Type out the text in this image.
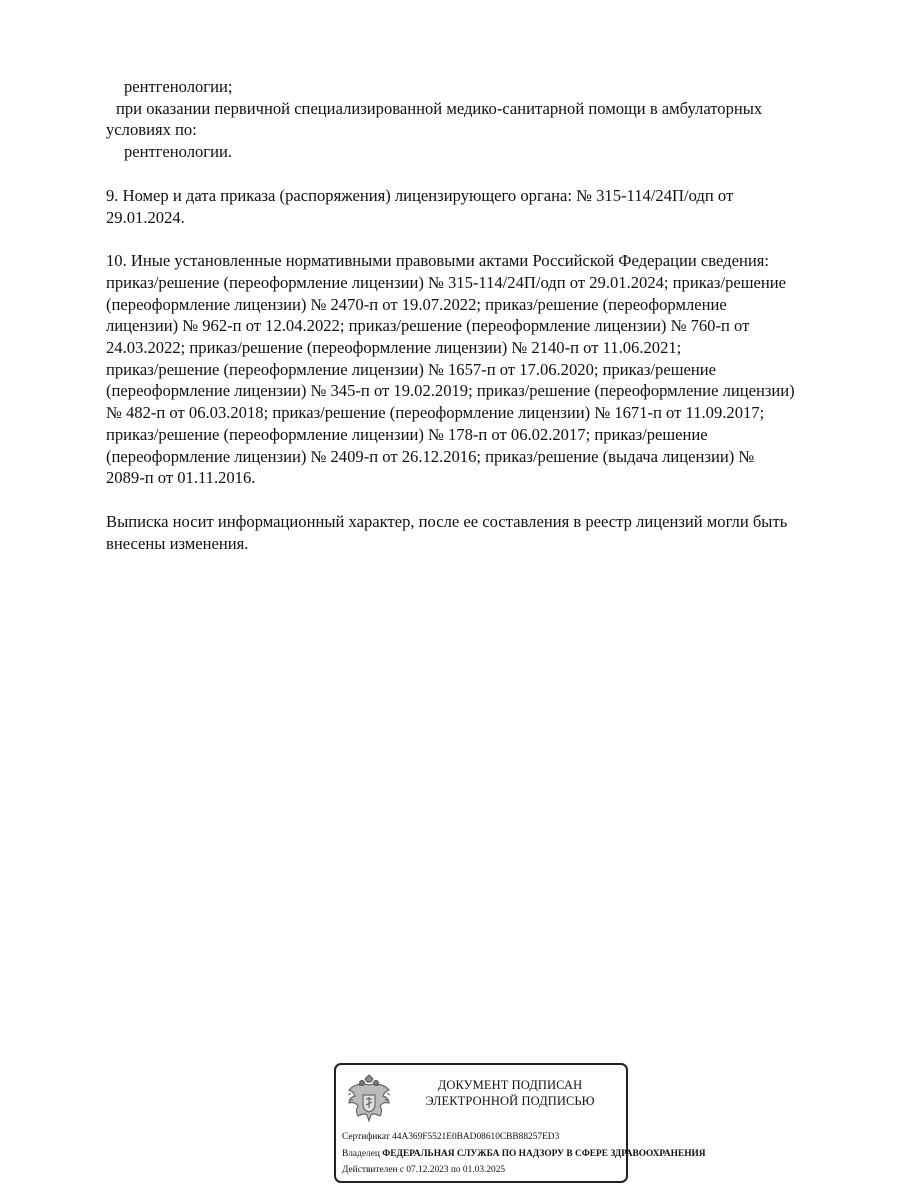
рентгенологии;

при оказании первичной специализированной медико-санитарной помощи в амбулаторных

условиях по:

рентгенологии.

9. Номер и дата приказа (распоряжения) лицензирующего органа: № 315-114/24П/одп от

29.01.2024.

10. Иные установленные нормативными правовыми актами Российской Федерации сведения:

приказ/решение (переоформление лицензии) № 315-114/24П/одп от 29.01.2024; приказ/решение

(переоформление лицензии) № 2470-п от 19.07.2022; приказ/решение (переоформление

лицензии) № 962-п от 12.04.2022; приказ/решение (переоформление лицензии) № 760-п от

24.03.2022; приказ/решение (переоформление лицензии) № 2140-п от 11.06.2021;

приказ/решение (переоформление лицензии) № 1657-п от 17.06.2020; приказ/решение

(переоформление лицензии) № 345-п от 19.02.2019; приказ/решение (переоформление лицензии)

№ 482-п от 06.03.2018; приказ/решение (переоформление лицензии) № 1671-п от 11.09.2017;

приказ/решение (переоформление лицензии) № 178-п от 06.02.2017; приказ/решение

(переоформление лицензии) № 2409-п от 26.12.2016; приказ/решение (выдача лицензии) №

2089-п от 01.11.2016.

Выписка носит информационный характер, после ее составления в реестр лицензий могли быть

внесены изменения.

ДОКУМЕНТ ПОДПИСАН
ЭЛЕКТРОННОЙ ПОДПИСЬЮ
Сертификат 44A369F5521E0BAD08610CBB88257ED3
Владелец ФЕДЕРАЛЬНАЯ СЛУЖБА ПО НАДЗОРУ В СФЕРЕ ЗДРАВООХРАНЕНИЯ
Действителен с 07.12.2023 по 01.03.2025
